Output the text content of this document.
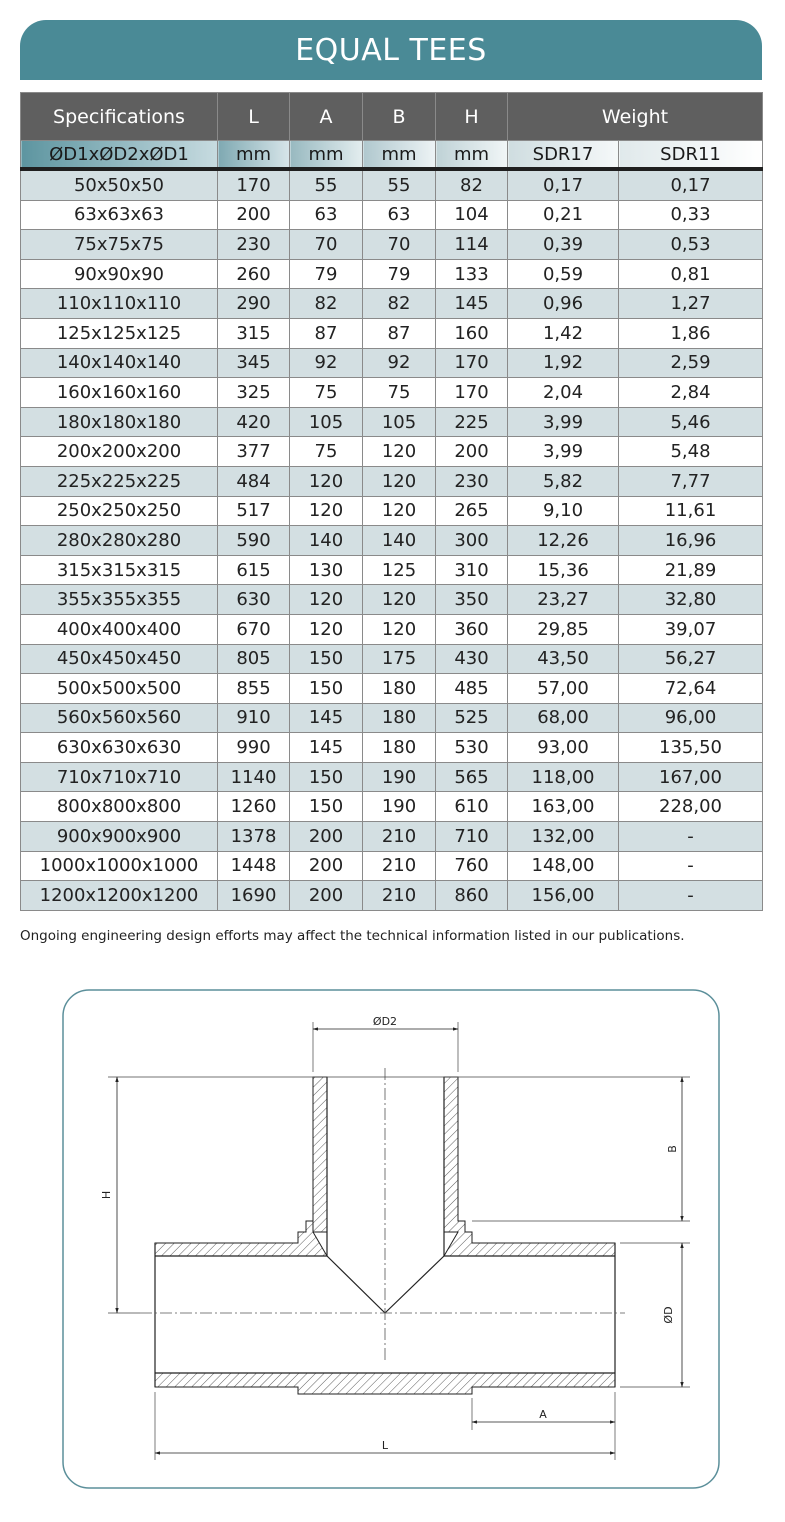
EQUAL TEES
Specifications	L	A	B	H	Weight	
ØD1xØD2xØD1	mm	mm	mm	mm	SDR17	SDR11
50x50x50	170	55	55	82	0,17	0,17
63x63x63	200	63	63	104	0,21	0,33
75x75x75	230	70	70	114	0,39	0,53
90x90x90	260	79	79	133	0,59	0,81
110x110x110	290	82	82	145	0,96	1,27
125x125x125	315	87	87	160	1,42	1,86
140x140x140	345	92	92	170	1,92	2,59
160x160x160	325	75	75	170	2,04	2,84
180x180x180	420	105	105	225	3,99	5,46
200x200x200	377	75	120	200	3,99	5,48
225x225x225	484	120	120	230	5,82	7,77
250x250x250	517	120	120	265	9,10	11,61
280x280x280	590	140	140	300	12,26	16,96
315x315x315	615	130	125	310	15,36	21,89
355x355x355	630	120	120	350	23,27	32,80
400x400x400	670	120	120	360	29,85	39,07
450x450x450	805	150	175	430	43,50	56,27
500x500x500	855	150	180	485	57,00	72,64
560x560x560	910	145	180	525	68,00	96,00
630x630x630	990	145	180	530	93,00	135,50
710x710x710	1140	150	190	565	118,00	167,00
800x800x800	1260	150	190	610	163,00	228,00
900x900x900	1378	200	210	710	132,00	-
1000x1000x1000	1448	200	210	760	148,00	-
1200x1200x1200	1690	200	210	860	156,00	-
Ongoing engineering design efforts may affect the technical information listed in our publications.
ØD2
H
B
ØD
A
L
